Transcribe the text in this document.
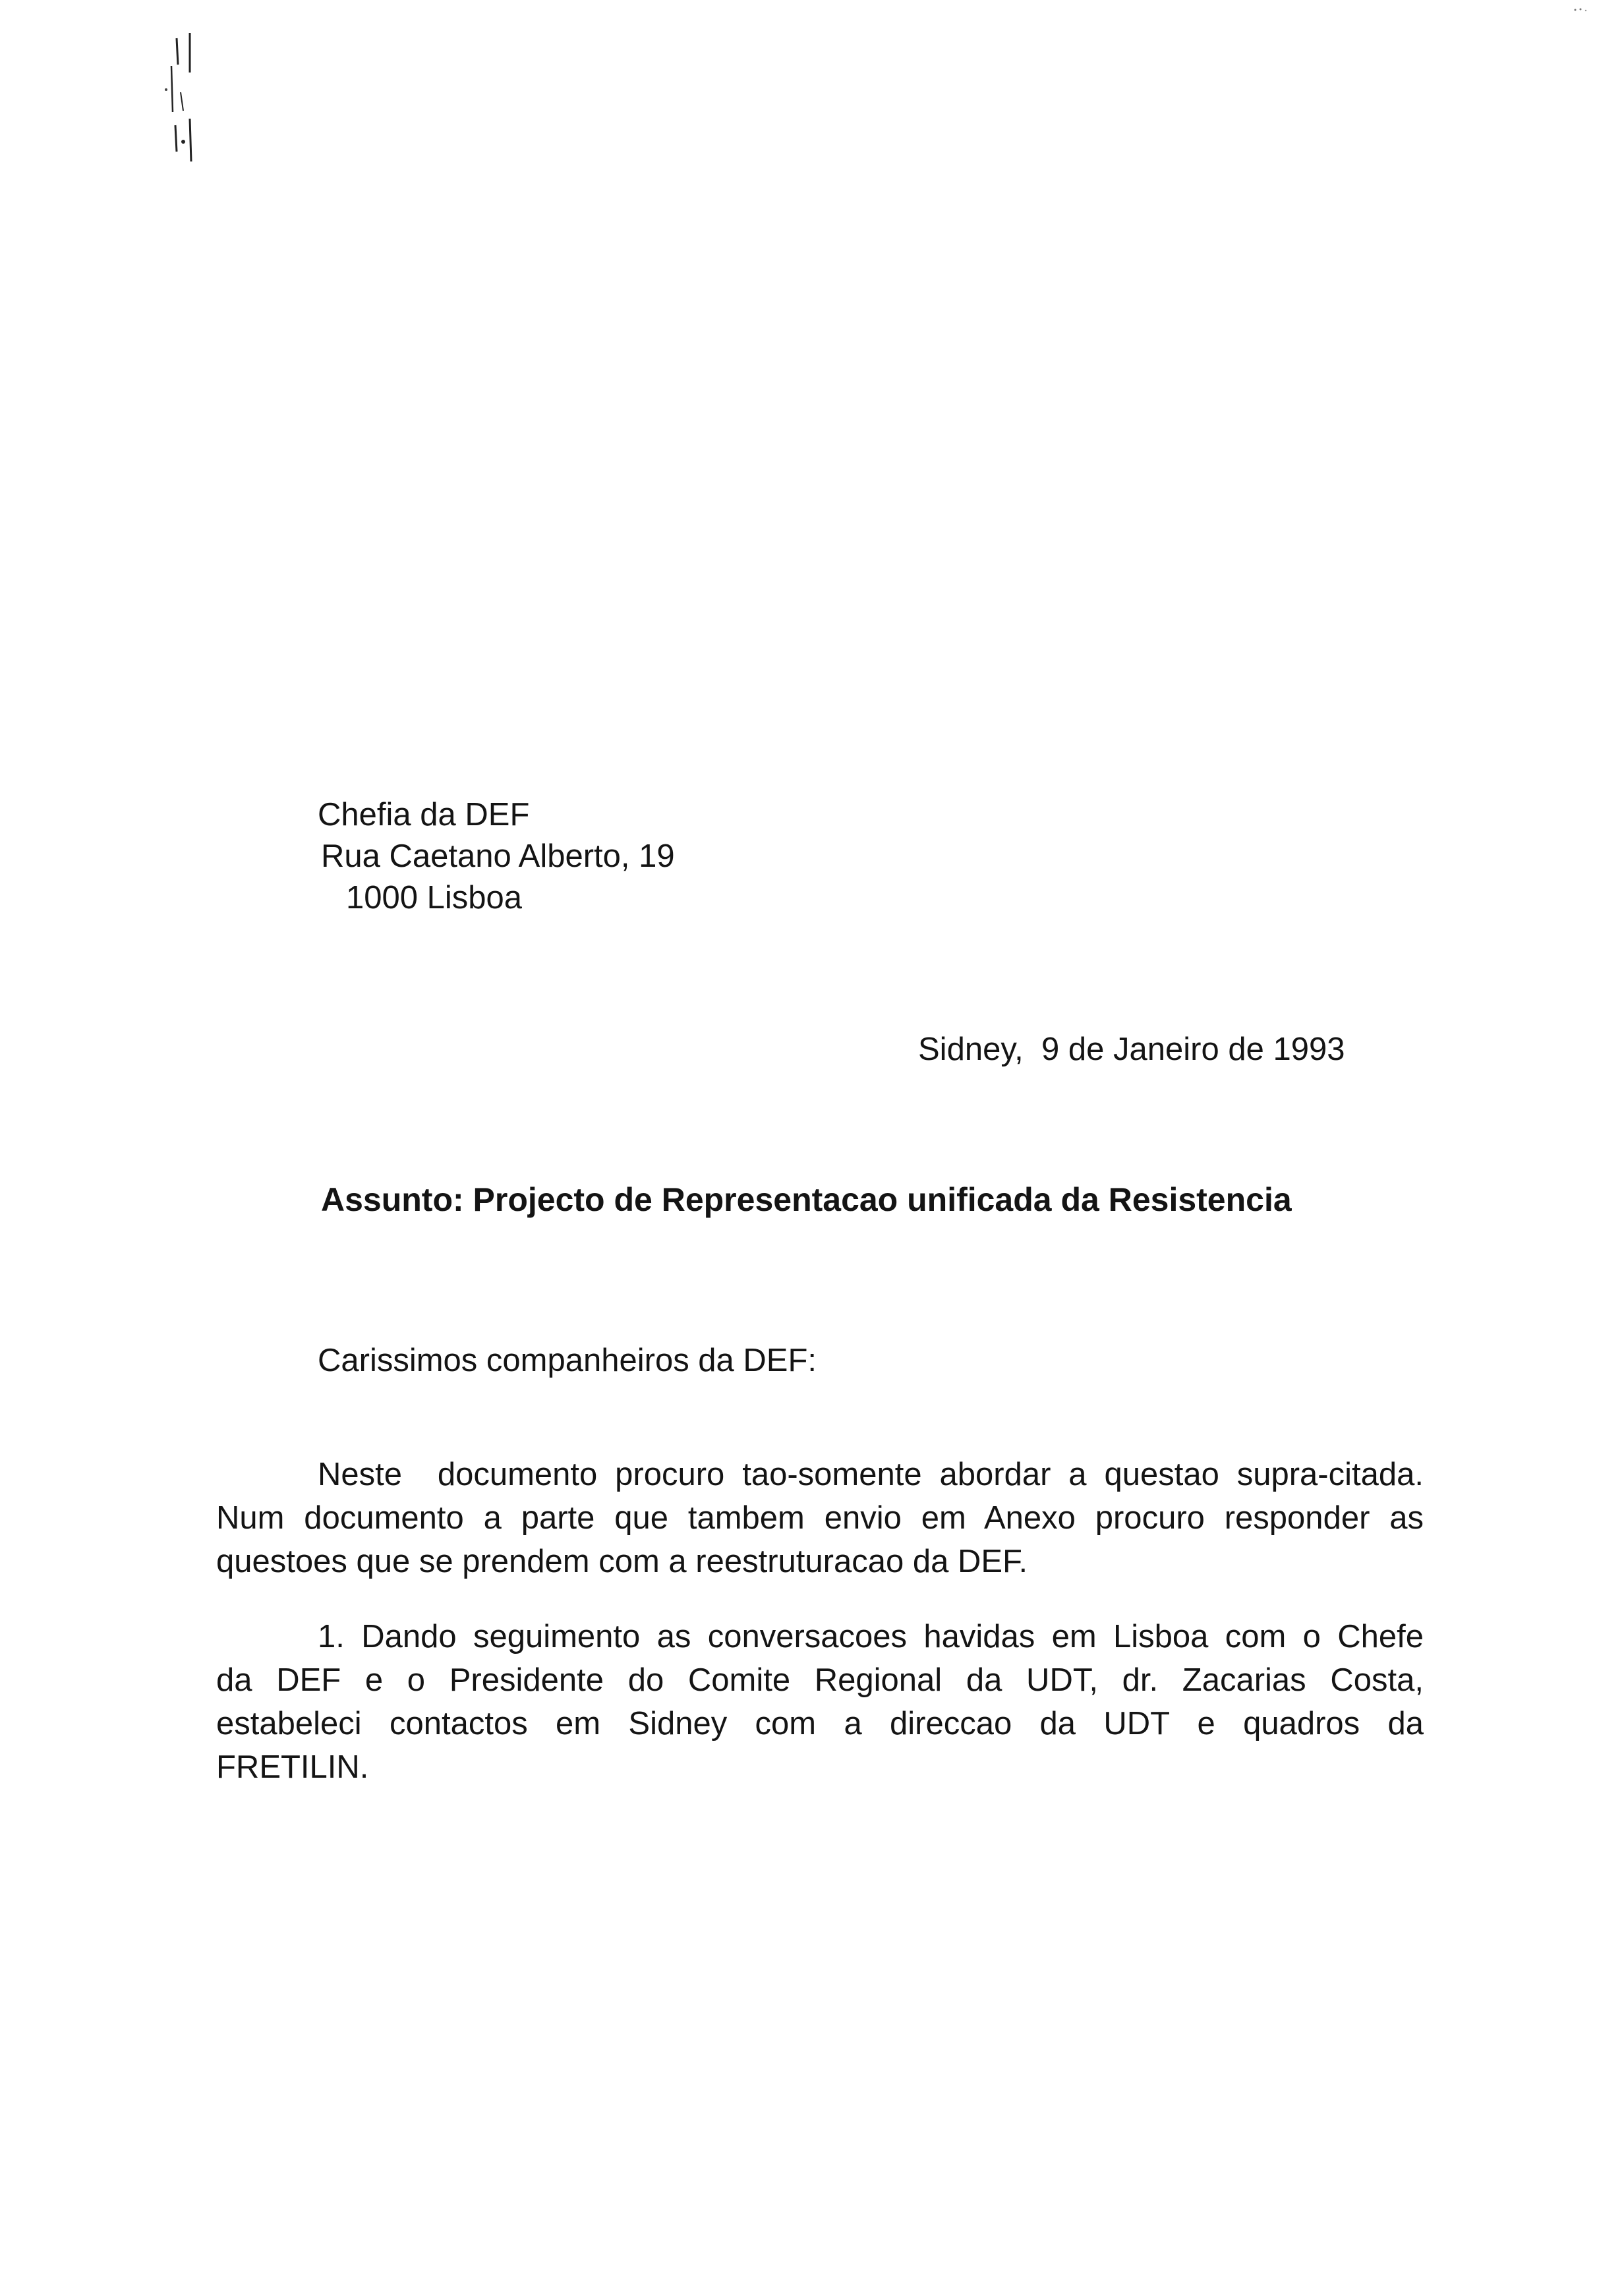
Chefia da DEF
Rua Caetano Alberto, 19
1000 Lisboa
Sidney,  9 de Janeiro de 1993
Assunto: Projecto de Representacao unificada da Resistencia
Carissimos companheiros da DEF:
Neste  documento procuro tao-somente abordar a questao supra-citada.
Num documento a parte que tambem envio em Anexo procuro responder as
questoes que se prendem com a reestruturacao da DEF.
1. Dando seguimento as conversacoes havidas em Lisboa com o Chefe
da DEF e o Presidente do Comite Regional da UDT, dr. Zacarias Costa,
estabeleci contactos em Sidney com a direccao da UDT e quadros da
FRETILIN.
